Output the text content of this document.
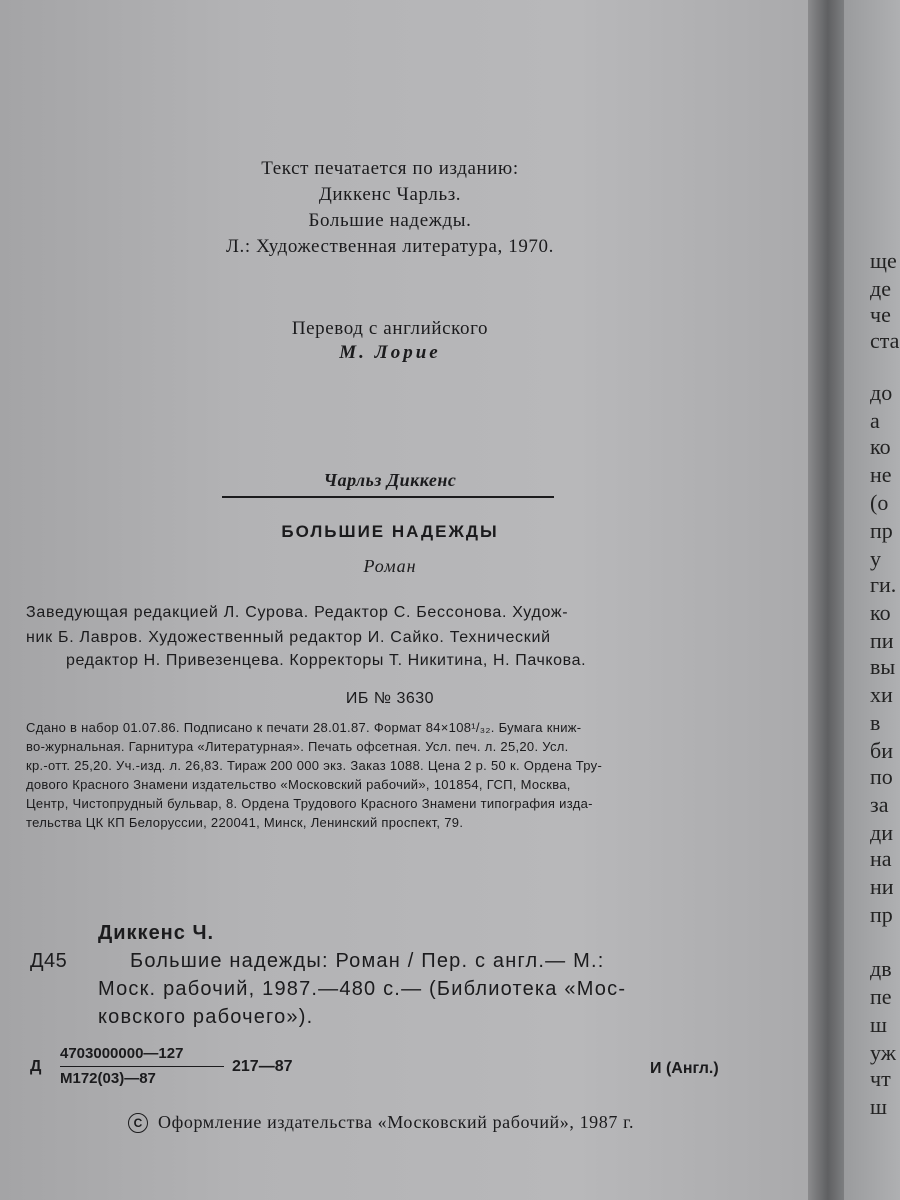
Текст печатается по изданию:
Диккенс Чарльз.
Большие надежды.
Л.: Художественная литература, 1970.
Перевод с английского
М. Лорие
Чарльз Диккенс
БОЛЬШИЕ НАДЕЖДЫ
Роман
Заведующая редакцией Л. Сурова. Редактор С. Бессонова. Худож-
ник Б. Лавров. Художественный редактор И. Сайко. Технический
редактор Н. Привезенцева. Корректоры Т. Никитина, Н. Пачкова.
ИБ № 3630
Сдано в набор 01.07.86. Подписано к печати 28.01.87. Формат 84×108¹/₃₂. Бумага книж-
во-журнальная. Гарнитура «Литературная». Печать офсетная. Усл. печ. л. 25,20. Усл.
кр.-отт. 25,20. Уч.-изд. л. 26,83. Тираж 200 000 экз. Заказ 1088. Цена 2 р. 50 к. Ордена Тру-
дового Красного Знамени издательство «Московский рабочий», 101854, ГСП, Москва,
Центр, Чистопрудный бульвар, 8. Ордена Трудового Красного Знамени типография изда-
тельства ЦК КП Белоруссии, 220041, Минск, Ленинский проспект, 79.
Диккенс Ч.
Д45	Большие надежды: Роман / Пер. с англ.— М.:
Моск. рабочий, 1987.—480 с.— (Библиотека «Мос-
ковского рабочего»).
Д
4703000000—127
М172(03)—87
217—87	И (Англ.)
C Оформление издательства «Московский рабочий», 1987 г.
ще
де
че
ста
до
а
ко
не
(о
пр
у
ги.
ко
пи
вы
хи
в
би
по
за
ди
на
ни
пр
дв
пе
ш
уж
чт
ш
